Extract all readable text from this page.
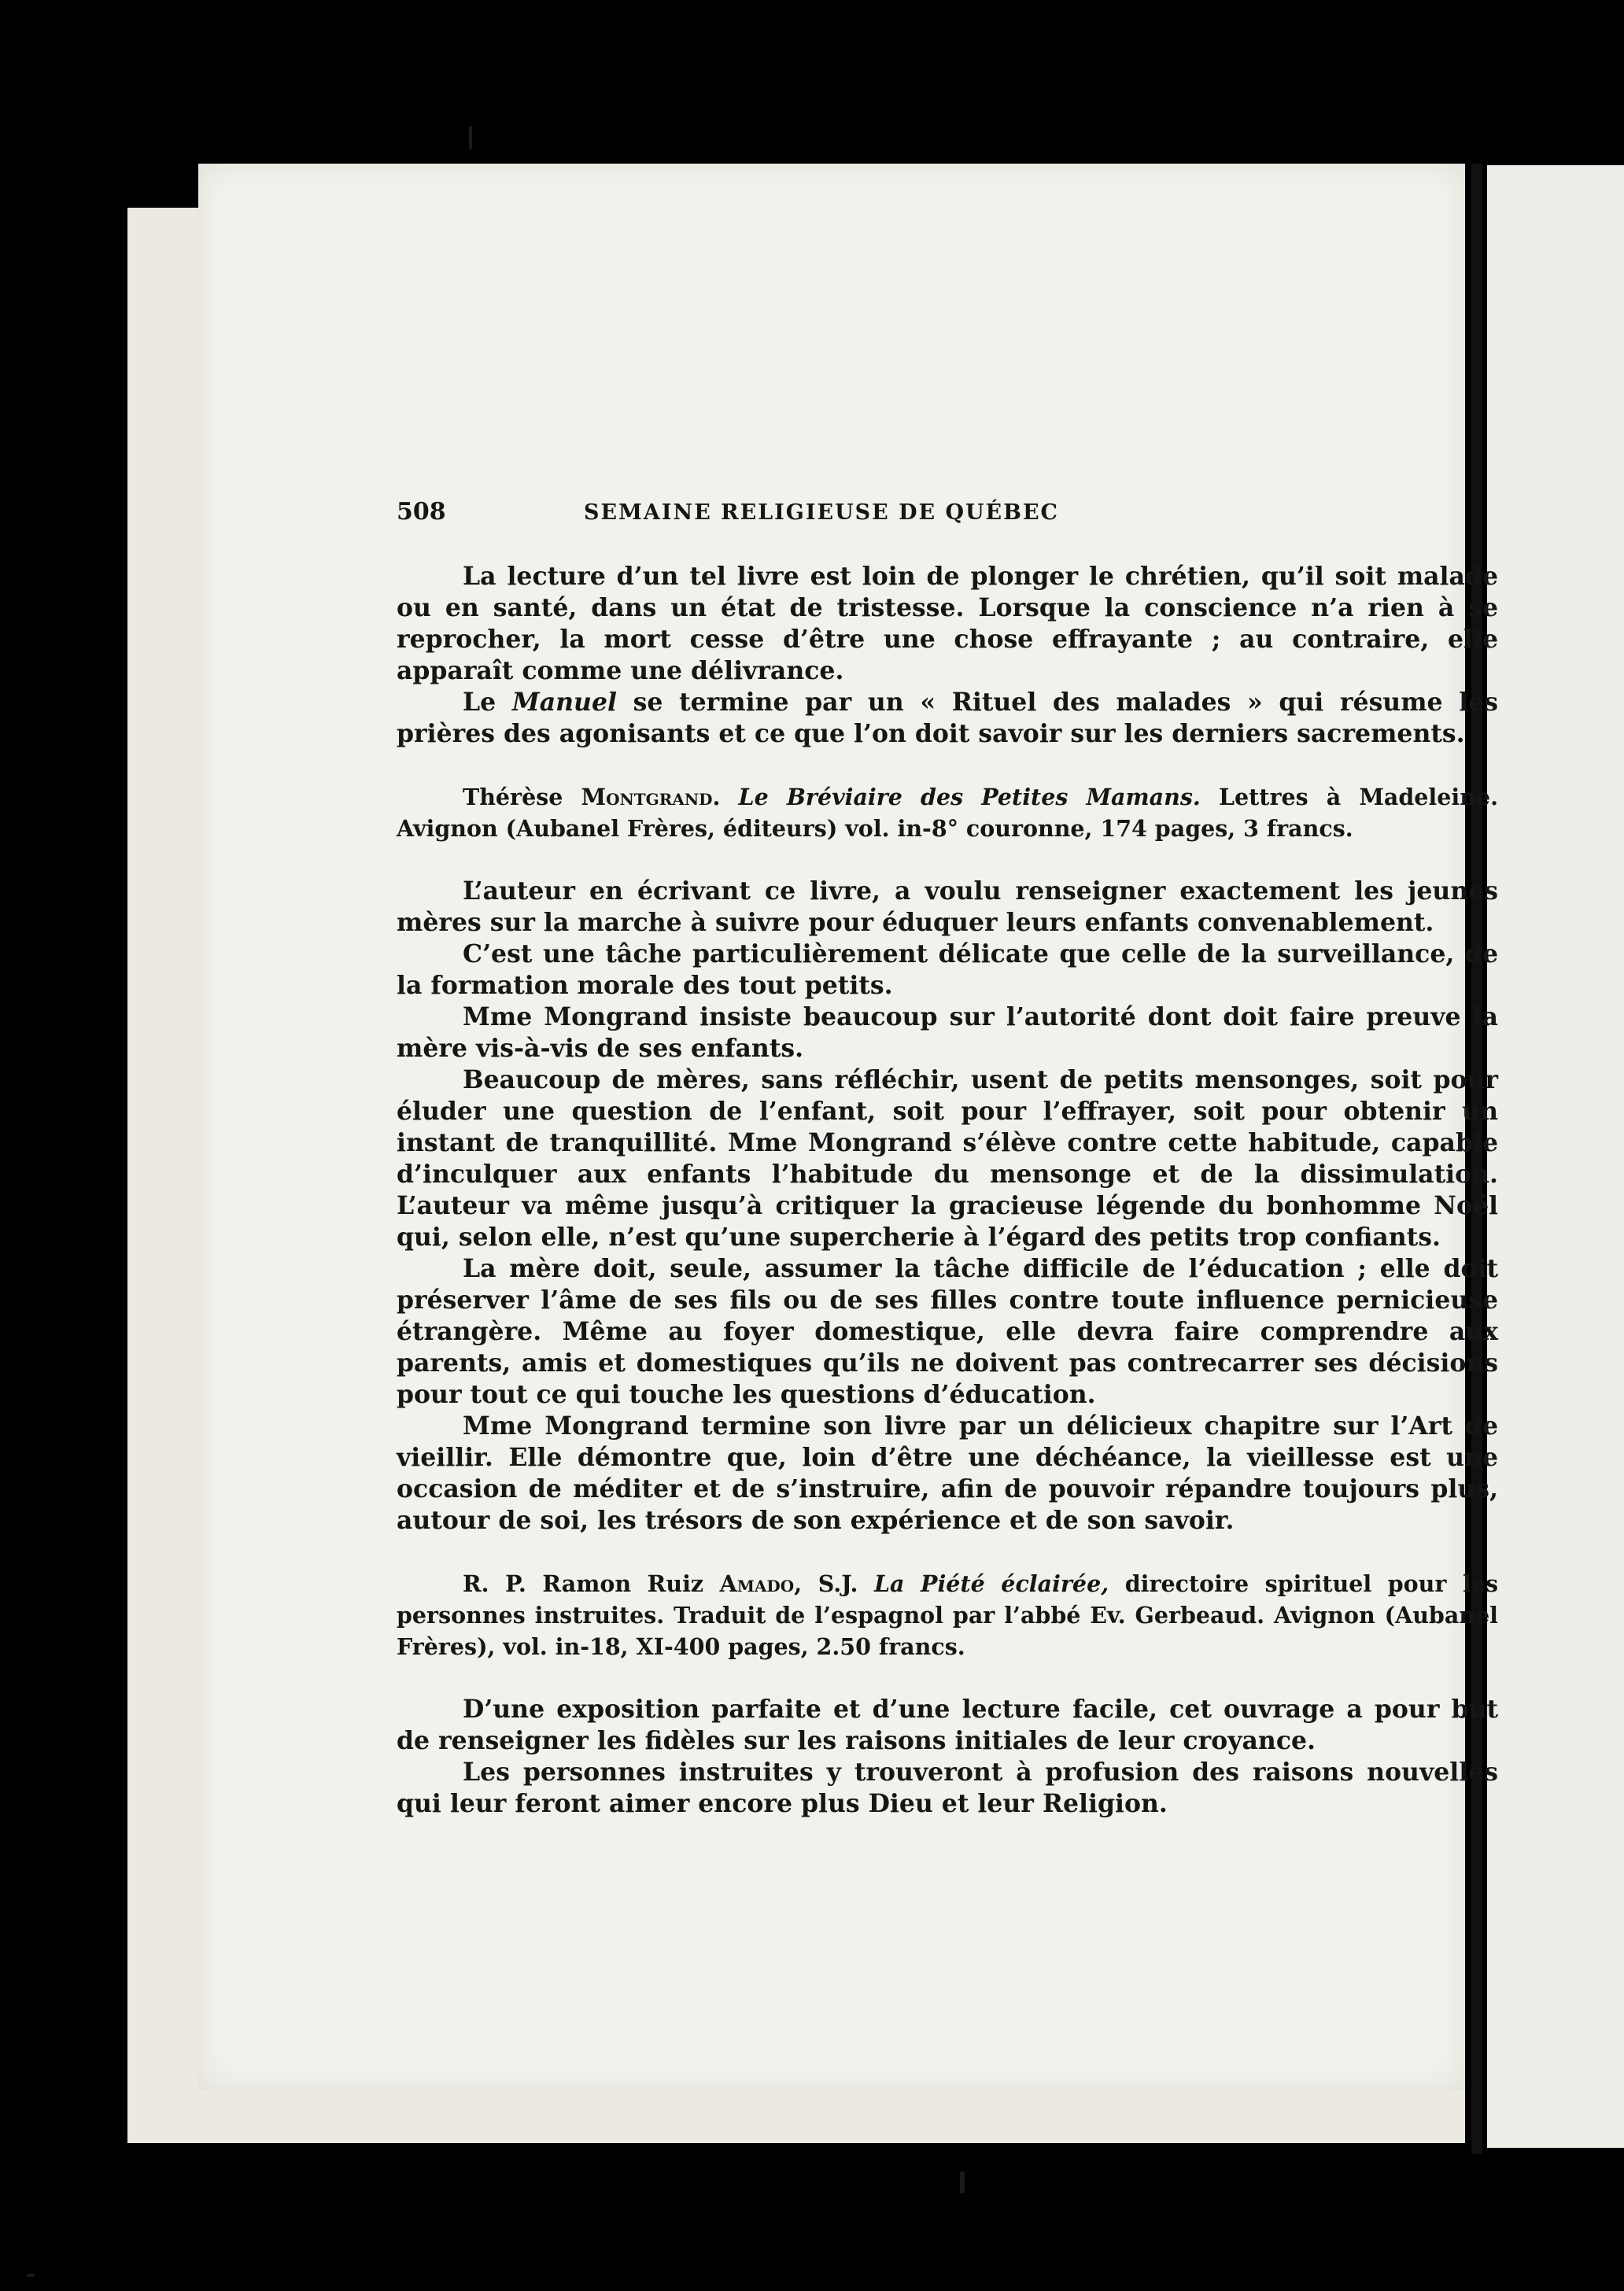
508	SEMAINE RELIGIEUSE DE QUÉBEC

La lecture d’un tel livre est loin de plonger le chrétien, qu’il soit malade ou en santé, dans un état de tristesse. Lorsque la conscience n’a rien à se reprocher, la mort cesse d’être une chose effrayante ; au contraire, elle apparaît comme une délivrance.

Le Manuel se termine par un « Rituel des malades » qui résume les prières des agonisants et ce que l’on doit savoir sur les derniers sacrements.

Thérèse Montgrand. Le Bréviaire des Petites Mamans. Lettres à Madeleine. Avignon (Aubanel Frères, éditeurs) vol. in-8° couronne, 174 pages, 3 francs.

L’auteur en écrivant ce livre, a voulu renseigner exactement les jeunes mères sur la marche à suivre pour éduquer leurs enfants convenablement.

C’est une tâche particulièrement délicate que celle de la surveillance, de la formation morale des tout petits.

Mme Mongrand insiste beaucoup sur l’autorité dont doit faire preuve la mère vis-à-vis de ses enfants.

Beaucoup de mères, sans réfléchir, usent de petits mensonges, soit pour éluder une question de l’enfant, soit pour l’effrayer, soit pour obtenir un instant de tranquillité. Mme Mongrand s’élève contre cette habitude, capable d’inculquer aux enfants l’habitude du mensonge et de la dissimulation. L’auteur va même jusqu’à critiquer la gracieuse légende du bonhomme Noël qui, selon elle, n’est qu’une supercherie à l’égard des petits trop confiants.

La mère doit, seule, assumer la tâche difficile de l’éducation ; elle doit préserver l’âme de ses fils ou de ses filles contre toute influence pernicieuse étrangère. Même au foyer domestique, elle devra faire comprendre aux parents, amis et domestiques qu’ils ne doivent pas contrecarrer ses décisions pour tout ce qui touche les questions d’éducation.

Mme Mongrand termine son livre par un délicieux chapitre sur l’Art de vieillir. Elle démontre que, loin d’être une déchéance, la vieillesse est une occasion de méditer et de s’instruire, afin de pouvoir répandre toujours plus, autour de soi, les trésors de son expérience et de son savoir.

R. P. Ramon Ruiz Amado, S.J. La Piété éclairée, directoire spirituel pour les personnes instruites. Traduit de l’espagnol par l’abbé Ev. Gerbeaud. Avignon (Aubanel Frères), vol. in-18, XI-400 pages, 2.50 francs.

D’une exposition parfaite et d’une lecture facile, cet ouvrage a pour but de renseigner les fidèles sur les raisons initiales de leur croyance.

Les personnes instruites y trouveront à profusion des raisons nouvelles qui leur feront aimer encore plus Dieu et leur Religion.
